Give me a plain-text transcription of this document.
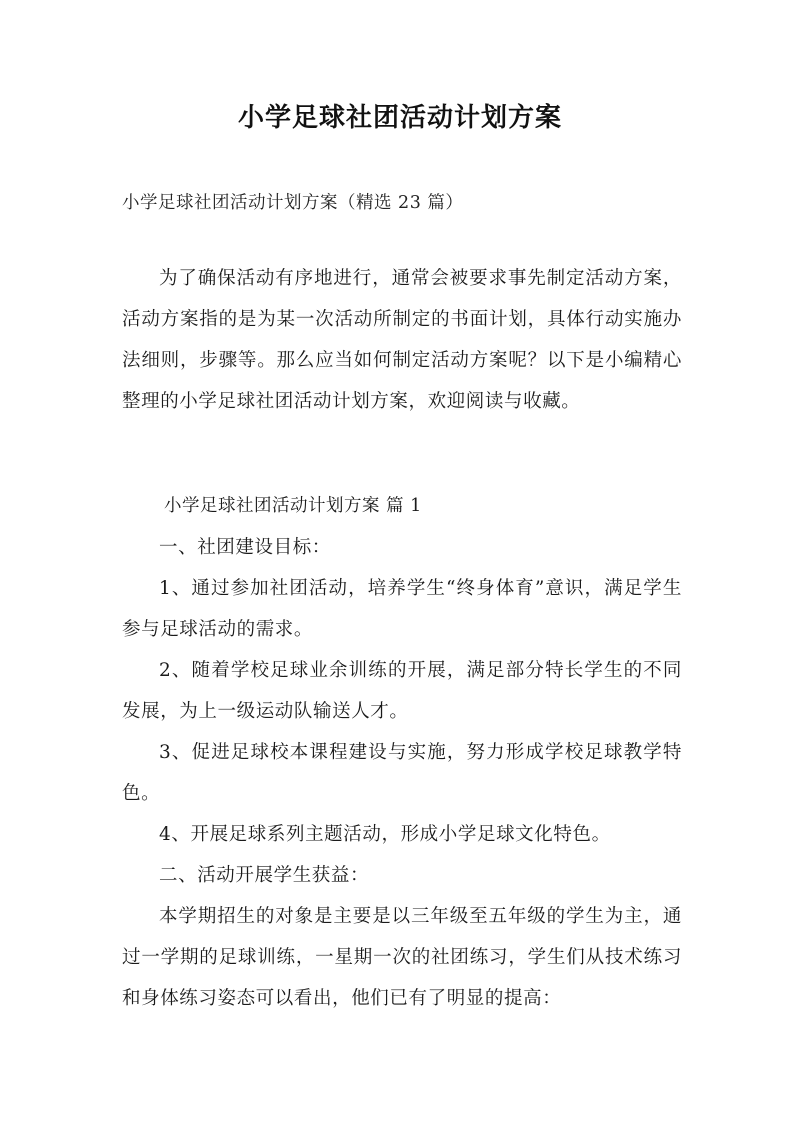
小学足球社团活动计划方案
小学足球社团活动计划方案（精选 23 篇）

为了确保活动有序地进行，通常会被要求事先制定活动方案，活动方案指的是为某一次活动所制定的书面计划，具体行动实施办法细则，步骤等。那么应当如何制定活动方案呢？以下是小编精心整理的小学足球社团活动计划方案，欢迎阅读与收藏。

小学足球社团活动计划方案 篇 1

一、社团建设目标：

1、通过参加社团活动，培养学生“终身体育”意识，满足学生参与足球活动的需求。

2、随着学校足球业余训练的开展，满足部分特长学生的不同发展，为上一级运动队输送人才。

3、促进足球校本课程建设与实施，努力形成学校足球教学特色。

4、开展足球系列主题活动，形成小学足球文化特色。

二、活动开展学生获益：

本学期招生的对象是主要是以三年级至五年级的学生为主，通过一学期的足球训练，一星期一次的社团练习，学生们从技术练习和身体练习姿态可以看出，他们已有了明显的提高：
